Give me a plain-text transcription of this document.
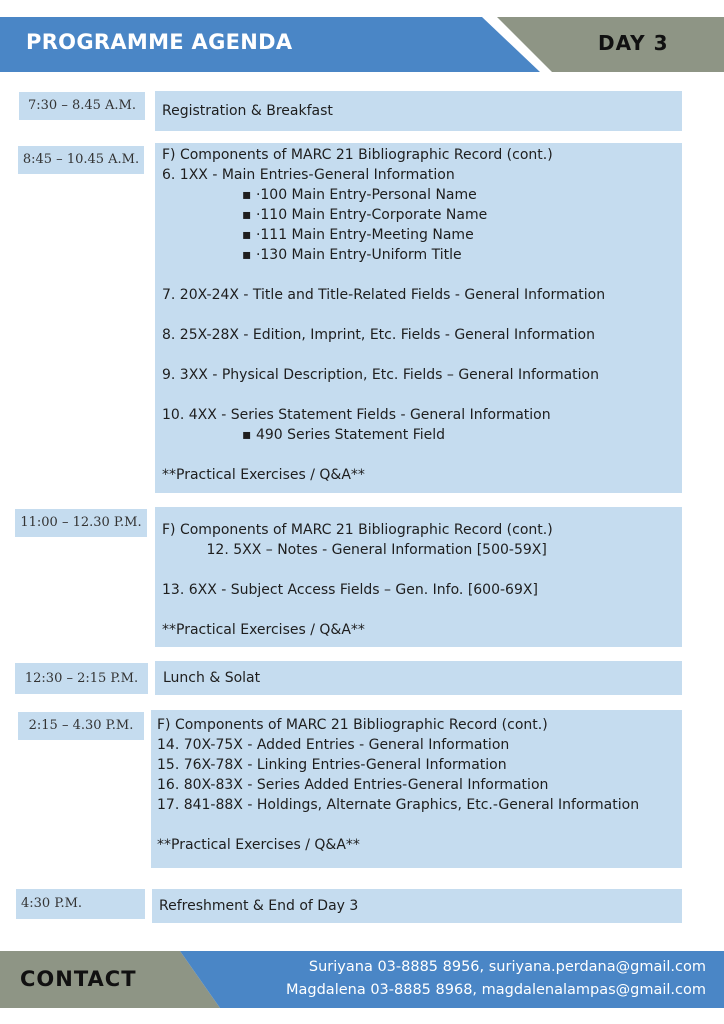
PROGRAMME AGENDA	DAY 3
7:30 – 8.45 A.M.	Registration & Breakfast
8:45 – 10.45 A.M.	F) Components of MARC 21 Bibliographic Record (cont.)
6. 1XX - Main Entries-General Information
▪ ·100 Main Entry-Personal Name
▪ ·110 Main Entry-Corporate Name
▪ ·111 Main Entry-Meeting Name
▪ ·130 Main Entry-Uniform Title
7. 20X-24X - Title and Title-Related Fields - General Information
8. 25X-28X - Edition, Imprint, Etc. Fields - General Information
9. 3XX - Physical Description, Etc. Fields – General Information
10. 4XX - Series Statement Fields - General Information
▪ 490 Series Statement Field
**Practical Exercises / Q&A**
11:00 – 12.30 P.M.	F) Components of MARC 21 Bibliographic Record (cont.)
12. 5XX – Notes - General Information [500-59X]
13. 6XX - Subject Access Fields – Gen. Info. [600-69X]
**Practical Exercises / Q&A**
12:30 – 2:15 P.M.	Lunch & Solat
2:15 – 4.30 P.M.	F) Components of MARC 21 Bibliographic Record (cont.)
14. 70X-75X - Added Entries - General Information
15. 76X-78X - Linking Entries-General Information
16. 80X-83X - Series Added Entries-General Information
17. 841-88X - Holdings, Alternate Graphics, Etc.-General Information
**Practical Exercises / Q&A**
4:30 P.M.	Refreshment & End of Day 3
CONTACT	Suriyana 03-8885 8956, suriyana.perdana@gmail.com
Magdalena 03-8885 8968, magdalenalampas@gmail.com
